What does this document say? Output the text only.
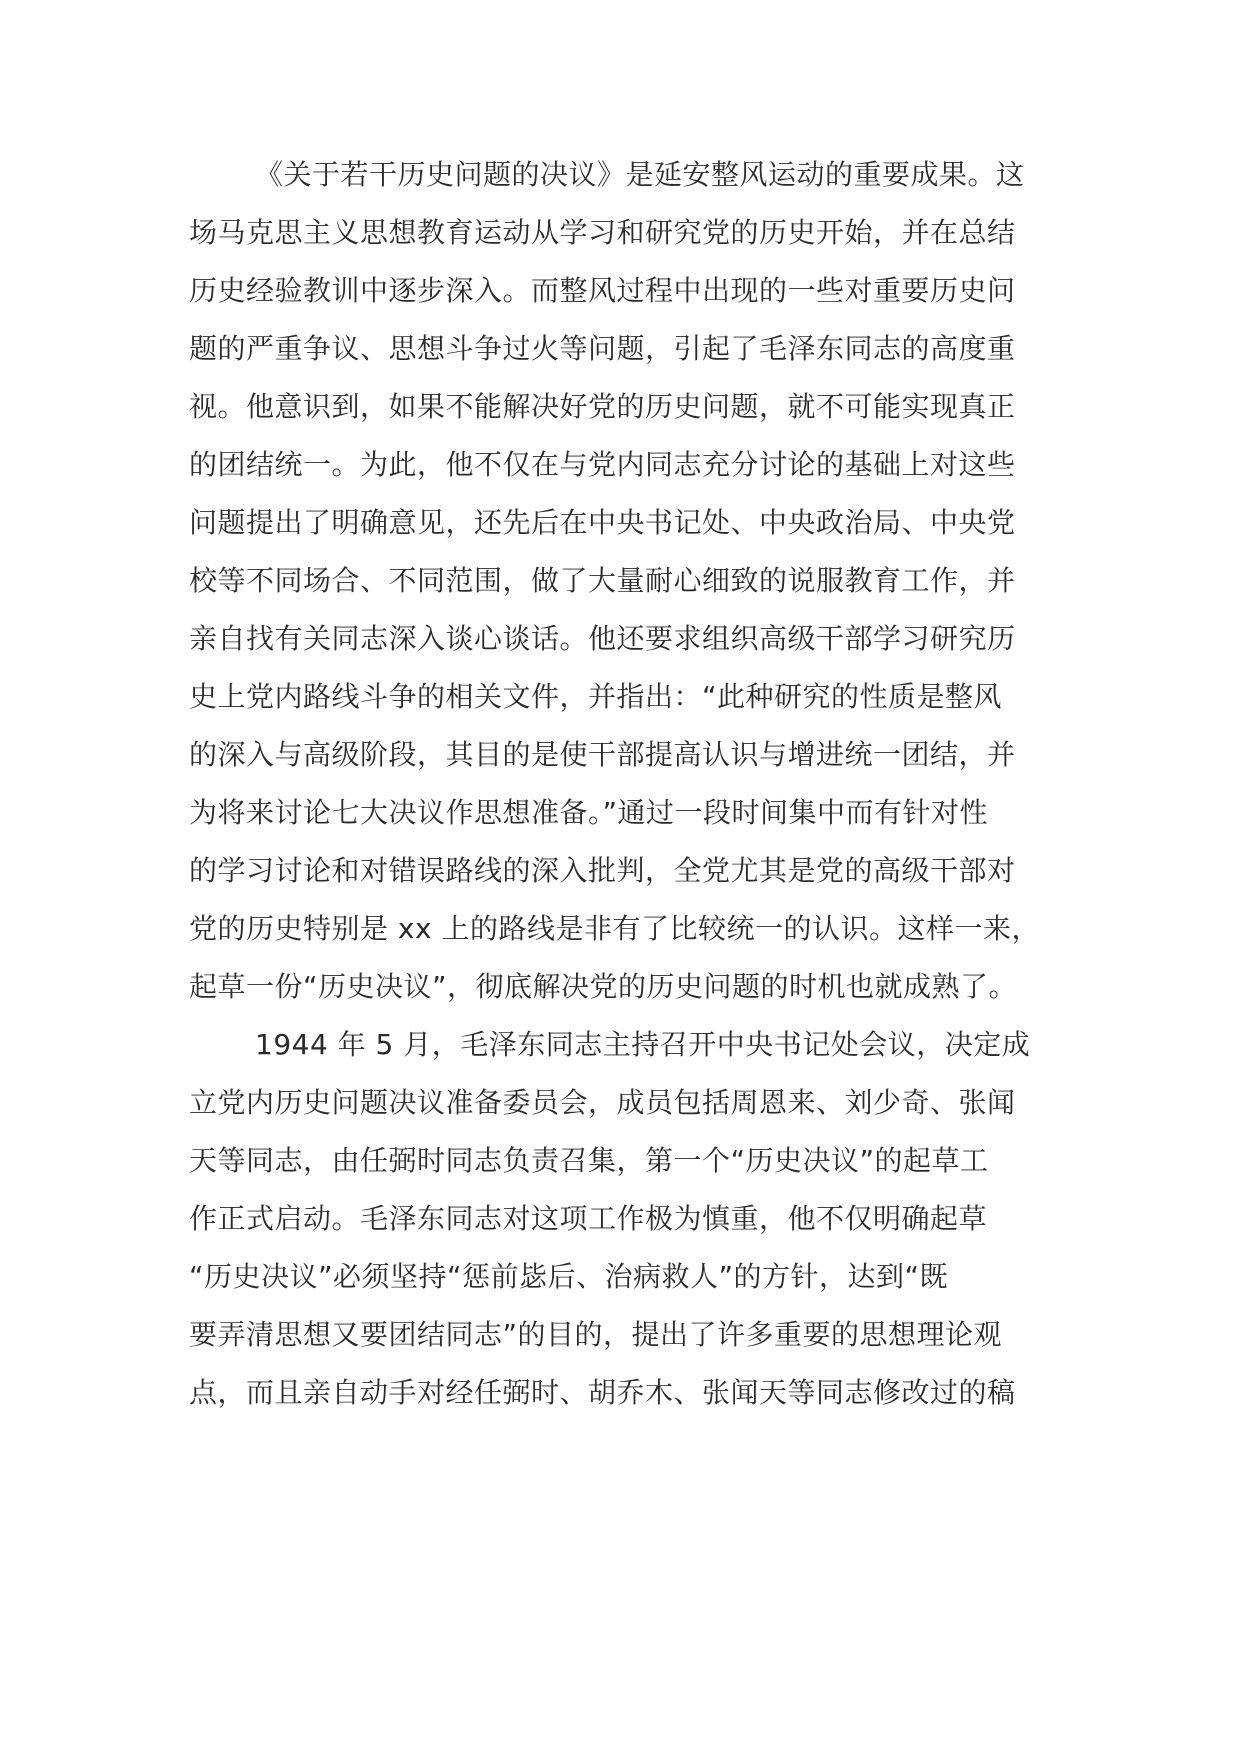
《关于若干历史问题的决议》是延安整风运动的重要成果。这
场马克思主义思想教育运动从学习和研究党的历史开始，并在总结
历史经验教训中逐步深入。而整风过程中出现的一些对重要历史问
题的严重争议、思想斗争过火等问题，引起了毛泽东同志的高度重
视。他意识到，如果不能解决好党的历史问题，就不可能实现真正
的团结统一。为此，他不仅在与党内同志充分讨论的基础上对这些
问题提出了明确意见，还先后在中央书记处、中央政治局、中央党
校等不同场合、不同范围，做了大量耐心细致的说服教育工作，并
亲自找有关同志深入谈心谈话。他还要求组织高级干部学习研究历
史上党内路线斗争的相关文件，并指出：“此种研究的性质是整风
的深入与高级阶段，其目的是使干部提高认识与增进统一团结，并
为将来讨论七大决议作思想准备。”通过一段时间集中而有针对性
的学习讨论和对错误路线的深入批判，全党尤其是党的高级干部对
党的历史特别是 xx 上的路线是非有了比较统一的认识。这样一来，
起草一份“历史决议”，彻底解决党的历史问题的时机也就成熟了。
1944 年 5 月，毛泽东同志主持召开中央书记处会议，决定成
立党内历史问题决议准备委员会，成员包括周恩来、刘少奇、张闻
天等同志，由任弼时同志负责召集，第一个“历史决议”的起草工
作正式启动。毛泽东同志对这项工作极为慎重，他不仅明确起草
“历史决议”必须坚持“惩前毖后、治病救人”的方针，达到“既
要弄清思想又要团结同志”的目的，提出了许多重要的思想理论观
点，而且亲自动手对经任弼时、胡乔木、张闻天等同志修改过的稿
